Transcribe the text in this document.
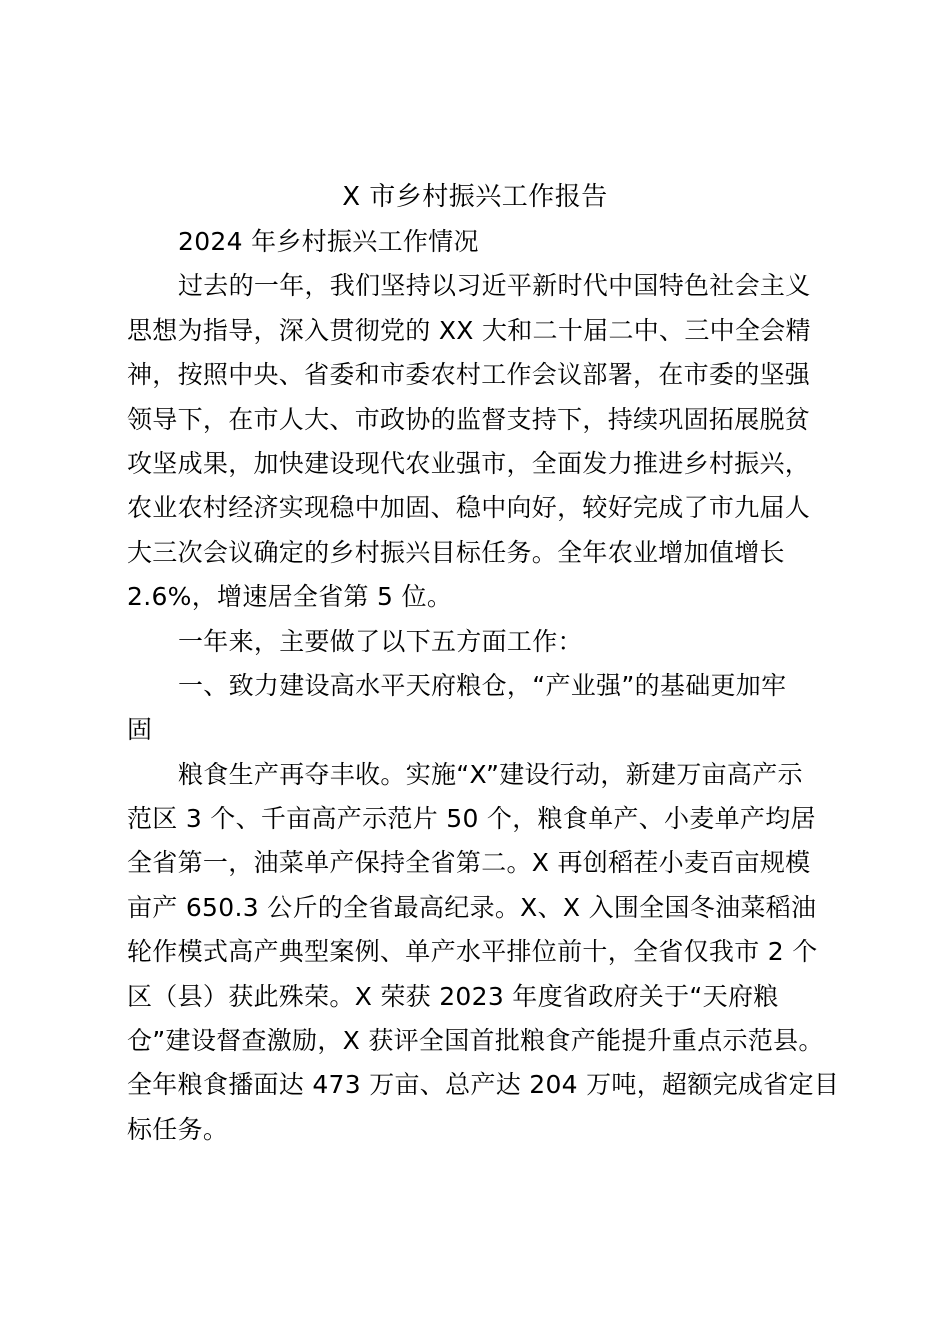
X 市乡村振兴工作报告
2024 年乡村振兴工作情况
过去的一年，我们坚持以习近平新时代中国特色社会主义
思想为指导，深入贯彻党的 XX 大和二十届二中、三中全会精
神，按照中央、省委和市委农村工作会议部署，在市委的坚强
领导下，在市人大、市政协的监督支持下，持续巩固拓展脱贫
攻坚成果，加快建设现代农业强市，全面发力推进乡村振兴，
农业农村经济实现稳中加固、稳中向好，较好完成了市九届人
大三次会议确定的乡村振兴目标任务。全年农业增加值增长
2.6%，增速居全省第 5 位。
一年来，主要做了以下五方面工作：
一、致力建设高水平天府粮仓，“产业强”的基础更加牢
固
粮食生产再夺丰收。实施“X”建设行动，新建万亩高产示
范区 3 个、千亩高产示范片 50 个，粮食单产、小麦单产均居
全省第一，油菜单产保持全省第二。X 再创稻茬小麦百亩规模
亩产 650.3 公斤的全省最高纪录。X、X 入围全国冬油菜稻油
轮作模式高产典型案例、单产水平排位前十，全省仅我市 2 个
区（县）获此殊荣。X 荣获 2023 年度省政府关于“天府粮
仓”建设督查激励，X 获评全国首批粮食产能提升重点示范县。
全年粮食播面达 473 万亩、总产达 204 万吨，超额完成省定目
标任务。
